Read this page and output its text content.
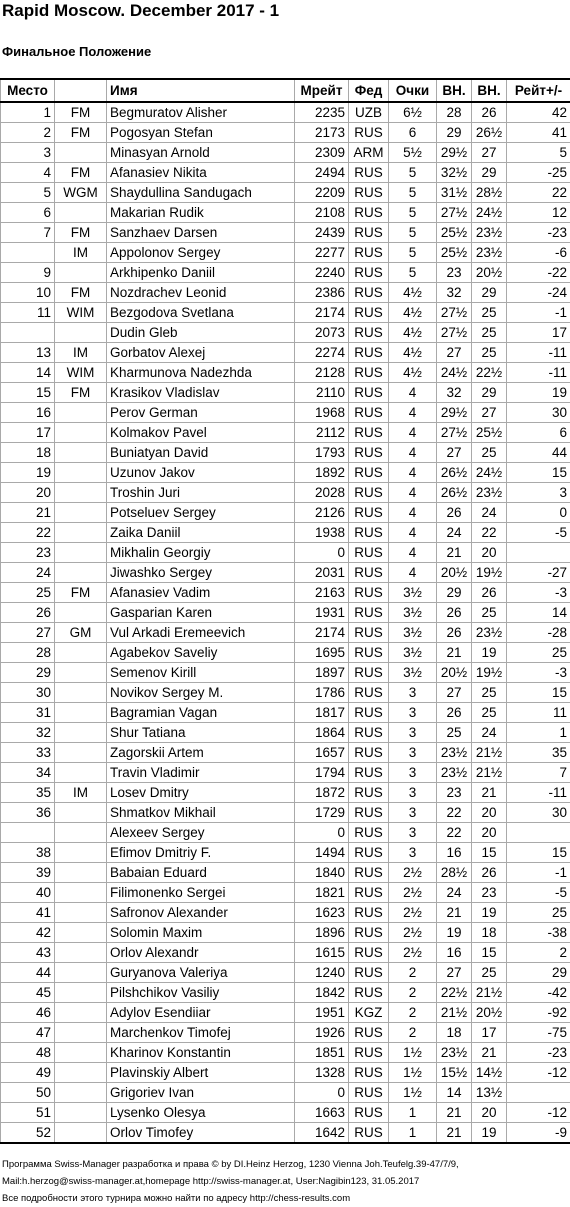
Rapid Moscow. December 2017 - 1
Финальное Положение
Место		Имя	Мрейт	Фед	Очки	ВН.	ВН.	Рейт+/-
1	FM	Begmuratov Alisher	2235	UZB	6½	28	26	42
2	FM	Pogosyan Stefan	2173	RUS	6	29	26½	41
3		Minasyan Arnold	2309	ARM	5½	29½	27	5
4	FM	Afanasiev Nikita	2494	RUS	5	32½	29	-25
5	WGM	Shaydullina Sandugach	2209	RUS	5	31½	28½	22
6		Makarian Rudik	2108	RUS	5	27½	24½	12
7	FM	Sanzhaev Darsen	2439	RUS	5	25½	23½	-23
	IM	Appolonov Sergey	2277	RUS	5	25½	23½	-6
9		Arkhipenko Daniil	2240	RUS	5	23	20½	-22
10	FM	Nozdrachev Leonid	2386	RUS	4½	32	29	-24
11	WIM	Bezgodova Svetlana	2174	RUS	4½	27½	25	-1
		Dudin Gleb	2073	RUS	4½	27½	25	17
13	IM	Gorbatov Alexej	2274	RUS	4½	27	25	-11
14	WIM	Kharmunova Nadezhda	2128	RUS	4½	24½	22½	-11
15	FM	Krasikov Vladislav	2110	RUS	4	32	29	19
16		Perov German	1968	RUS	4	29½	27	30
17		Kolmakov Pavel	2112	RUS	4	27½	25½	6
18		Buniatyan David	1793	RUS	4	27	25	44
19		Uzunov Jakov	1892	RUS	4	26½	24½	15
20		Troshin Juri	2028	RUS	4	26½	23½	3
21		Potseluev Sergey	2126	RUS	4	26	24	0
22		Zaika Daniil	1938	RUS	4	24	22	-5
23		Mikhalin Georgiy	0	RUS	4	21	20	
24		Jiwashko Sergey	2031	RUS	4	20½	19½	-27
25	FM	Afanasiev Vadim	2163	RUS	3½	29	26	-3
26		Gasparian Karen	1931	RUS	3½	26	25	14
27	GM	Vul Arkadi Eremeevich	2174	RUS	3½	26	23½	-28
28		Agabekov Saveliy	1695	RUS	3½	21	19	25
29		Semenov Kirill	1897	RUS	3½	20½	19½	-3
30		Novikov Sergey M.	1786	RUS	3	27	25	15
31		Bagramian Vagan	1817	RUS	3	26	25	11
32		Shur Tatiana	1864	RUS	3	25	24	1
33		Zagorskii Artem	1657	RUS	3	23½	21½	35
34		Travin Vladimir	1794	RUS	3	23½	21½	7
35	IM	Losev Dmitry	1872	RUS	3	23	21	-11
36		Shmatkov Mikhail	1729	RUS	3	22	20	30
		Alexeev Sergey	0	RUS	3	22	20	
38		Efimov Dmitriy F.	1494	RUS	3	16	15	15
39		Babaian Eduard	1840	RUS	2½	28½	26	-1
40		Filimonenko Sergei	1821	RUS	2½	24	23	-5
41		Safronov Alexander	1623	RUS	2½	21	19	25
42		Solomin Maxim	1896	RUS	2½	19	18	-38
43		Orlov Alexandr	1615	RUS	2½	16	15	2
44		Guryanova Valeriya	1240	RUS	2	27	25	29
45		Pilshchikov Vasiliy	1842	RUS	2	22½	21½	-42
46		Adylov Esendiiar	1951	KGZ	2	21½	20½	-92
47		Marchenkov Timofej	1926	RUS	2	18	17	-75
48		Kharinov Konstantin	1851	RUS	1½	23½	21	-23
49		Plavinskiy Albert	1328	RUS	1½	15½	14½	-12
50		Grigoriev Ivan	0	RUS	1½	14	13½	
51		Lysenko Olesya	1663	RUS	1	21	20	-12
52		Orlov Timofey	1642	RUS	1	21	19	-9
Программа Swiss-Manager разработка и права © by DI.Heinz Herzog, 1230 Vienna Joh.Teufelg.39-47/7/9,
Mail:h.herzog@swiss-manager.at,homepage http://swiss-manager.at, User:Nagibin123, 31.05.2017
Все подробности этого турнира можно найти по адресу http://chess-results.com
